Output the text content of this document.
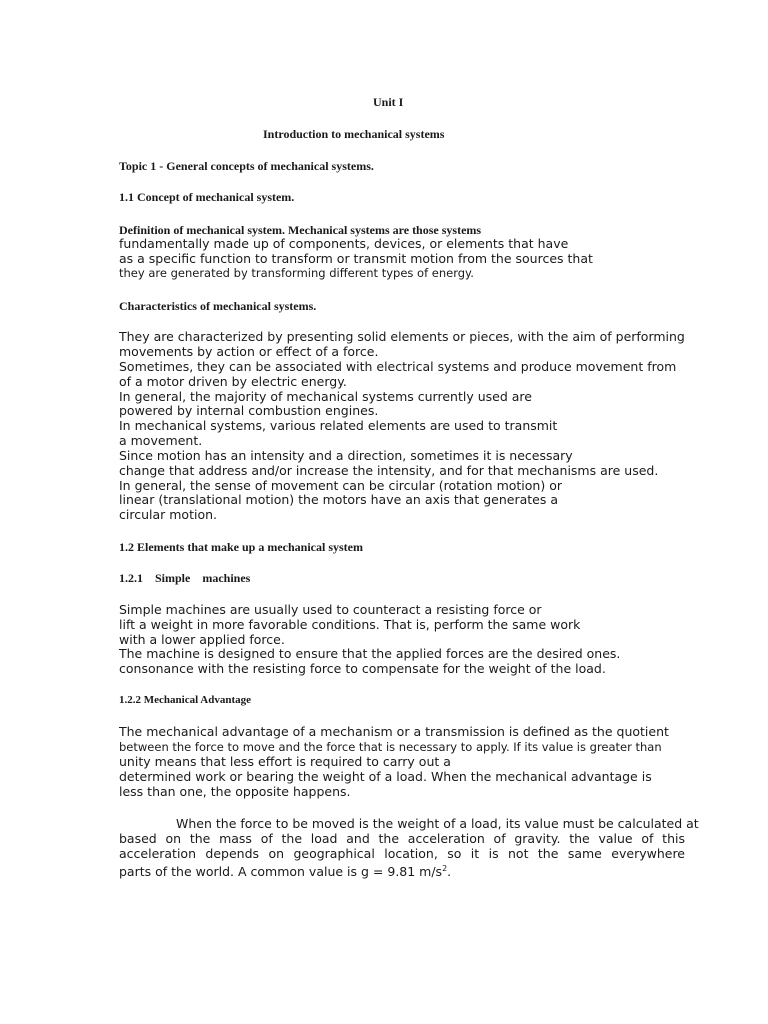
Unit I
Introduction to mechanical systems
Topic 1 - General concepts of mechanical systems.
1.1 Concept of mechanical system.
Definition of mechanical system. Mechanical systems are those systems
fundamentally made up of components, devices, or elements that have
as a specific function to transform or transmit motion from the sources that
they are generated by transforming different types of energy.
Characteristics of mechanical systems.
They are characterized by presenting solid elements or pieces, with the aim of performing
movements by action or effect of a force.
Sometimes, they can be associated with electrical systems and produce movement from
of a motor driven by electric energy.
In general, the majority of mechanical systems currently used are
powered by internal combustion engines.
In mechanical systems, various related elements are used to transmit
a movement.
Since motion has an intensity and a direction, sometimes it is necessary
change that address and/or increase the intensity, and for that mechanisms are used.
In general, the sense of movement can be circular (rotation motion) or
linear (translational motion) the motors have an axis that generates a
circular motion.
1.2 Elements that make up a mechanical system
1.2.1    Simple    machines
Simple machines are usually used to counteract a resisting force or
lift a weight in more favorable conditions. That is, perform the same work
with a lower applied force.
The machine is designed to ensure that the applied forces are the desired ones.
consonance with the resisting force to compensate for the weight of the load.
1.2.2 Mechanical Advantage
The mechanical advantage of a mechanism or a transmission is defined as the quotient
between the force to move and the force that is necessary to apply. If its value is greater than
unity means that less effort is required to carry out a
determined work or bearing the weight of a load. When the mechanical advantage is
less than one, the opposite happens.
When the force to be moved is the weight of a load, its value must be calculated at
based on the mass of the load and the acceleration of gravity. the value of this
acceleration depends on geographical location, so it is not the same everywhere
parts of the world. A common value is g = 9.81 $m/s^2$.
